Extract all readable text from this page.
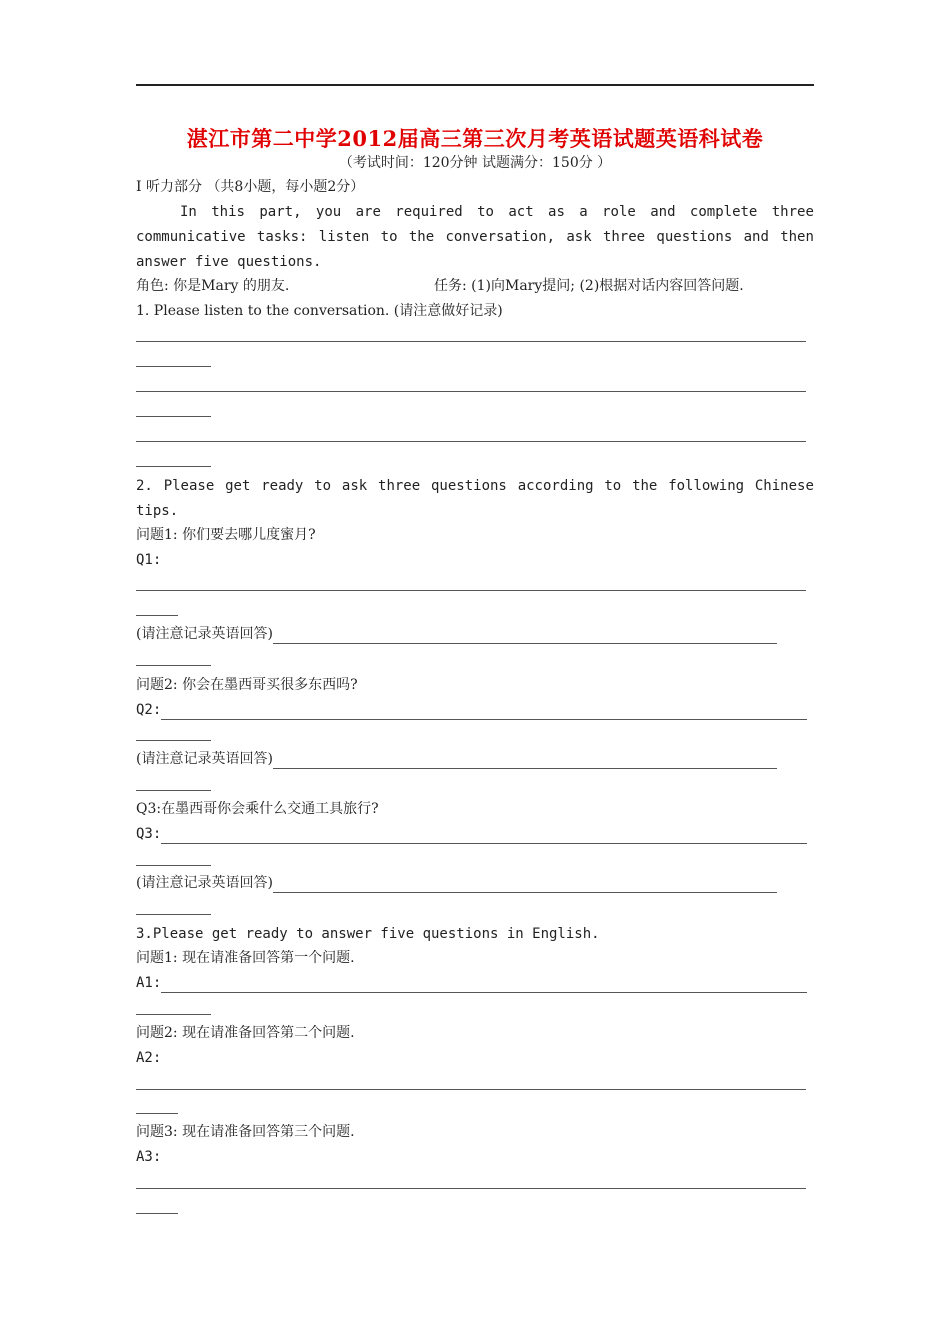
湛江市第二中学2012届高三第三次月考英语试题英语科试卷
（考试时间：120分钟 试题满分：150分 ）
I 听力部分 （共8小题，每小题2分）
In this part, you are required to act as a role and complete three
communicative tasks: listen to the conversation, ask three questions and then
answer five questions.
角色: 你是Mary 的朋友.	任务: (1)向Mary提问; (2)根据对话内容回答问题.
1. Please listen to the conversation. (请注意做好记录)
2. Please get ready to ask three questions according to the following Chinese
tips.
问题1: 你们要去哪儿度蜜月?
Q1:
(请注意记录英语回答)
问题2: 你会在墨西哥买很多东西吗?
Q2:
(请注意记录英语回答)
Q3:在墨西哥你会乘什么交通工具旅行?
Q3:
(请注意记录英语回答)
3.Please get ready to answer five questions in English.
问题1: 现在请准备回答第一个问题.
A1:
问题2: 现在请准备回答第二个问题.
A2:
问题3: 现在请准备回答第三个问题.
A3:
